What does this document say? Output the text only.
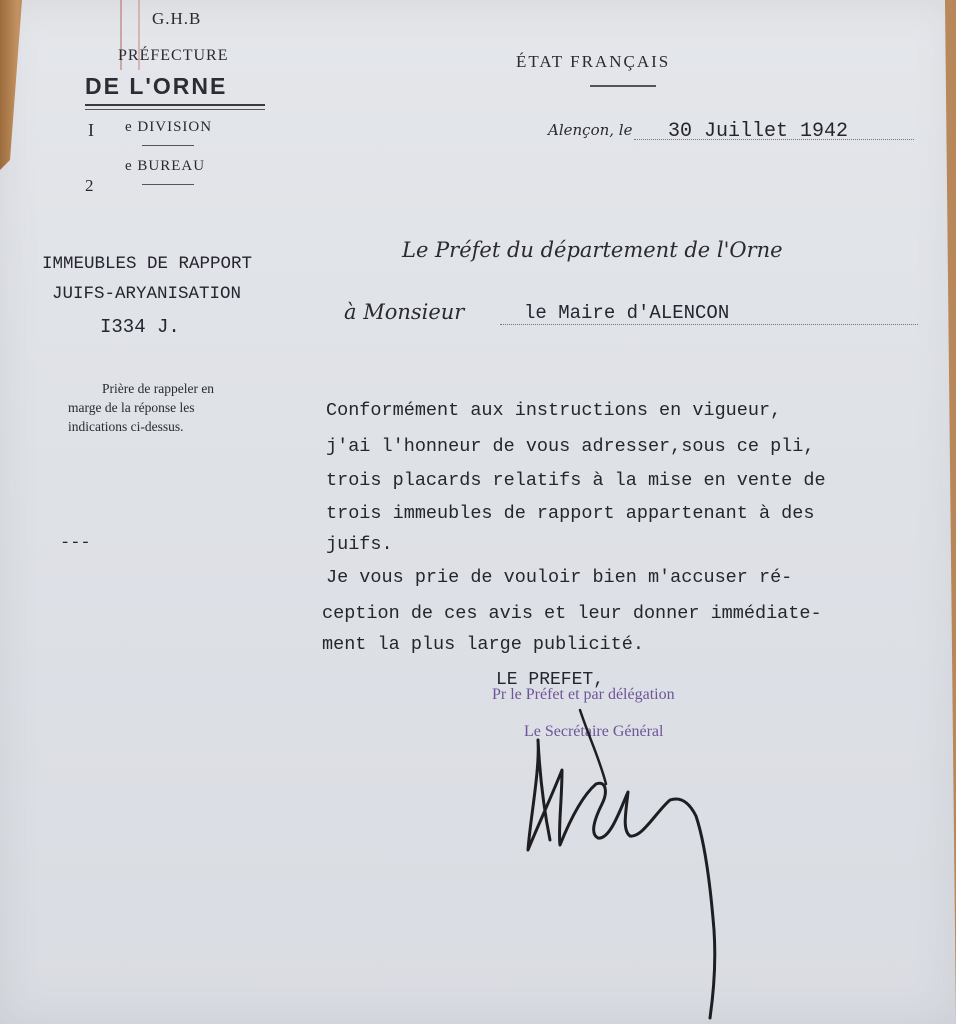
G.H.B
PRÉFECTURE
DE L'ORNE
I e DIVISION
e BUREAU
2
ÉTAT FRANÇAIS
Alençon, le 30 Juillet 1942
IMMEUBLES DE RAPPORT
JUIFS-ARYANISATION
I334 J.
Prière de rappeler en
marge de la réponse les
indications ci-dessus.
---
Le Préfet du département de l'Orne
à Monsieur	le Maire d'ALENCON
Conformément aux instructions en vigueur,
j'ai l'honneur de vous adresser,sous ce pli,
trois placards relatifs à la mise en vente de
trois immeubles de rapport appartenant à des
juifs.
Je vous prie de vouloir bien m'accuser ré-
ception de ces avis et leur donner immédiate-
ment la plus large publicité.
LE PREFET,
Pr le Préfet et par délégation
Le Secrétaire Général
